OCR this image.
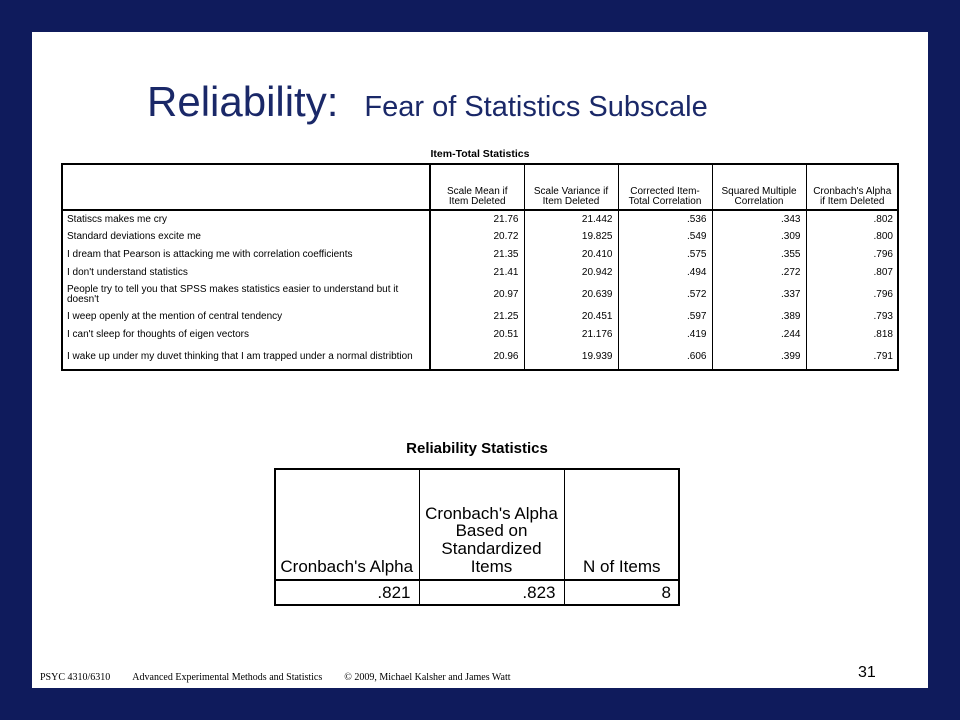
Reliability: Fear of Statistics Subscale
Item-Total Statistics
	Scale Mean if Item Deleted	Scale Variance if Item Deleted	Corrected Item-Total Correlation	Squared Multiple Correlation	Cronbach's Alpha if Item Deleted
Statiscs makes me cry	21.76	21.442	.536	.343	.802
Standard deviations excite me	20.72	19.825	.549	.309	.800
I dream that Pearson is attacking me with correlation coefficients	21.35	20.410	.575	.355	.796
I don't understand statistics	21.41	20.942	.494	.272	.807
People try to tell you that SPSS makes statistics easier to understand but it doesn't	20.97	20.639	.572	.337	.796
I weep openly at the mention of central tendency	21.25	20.451	.597	.389	.793
I can't sleep for thoughts of eigen vectors	20.51	21.176	.419	.244	.818
I wake up under my duvet thinking that I am trapped under a normal distribtion	20.96	19.939	.606	.399	.791
Reliability Statistics
Cronbach's Alpha	Cronbach's Alpha Based on Standardized Items	N of Items
.821	.823	8
PSYC 4310/6310 Advanced Experimental Methods and Statistics © 2009, Michael Kalsher and James Watt	31
